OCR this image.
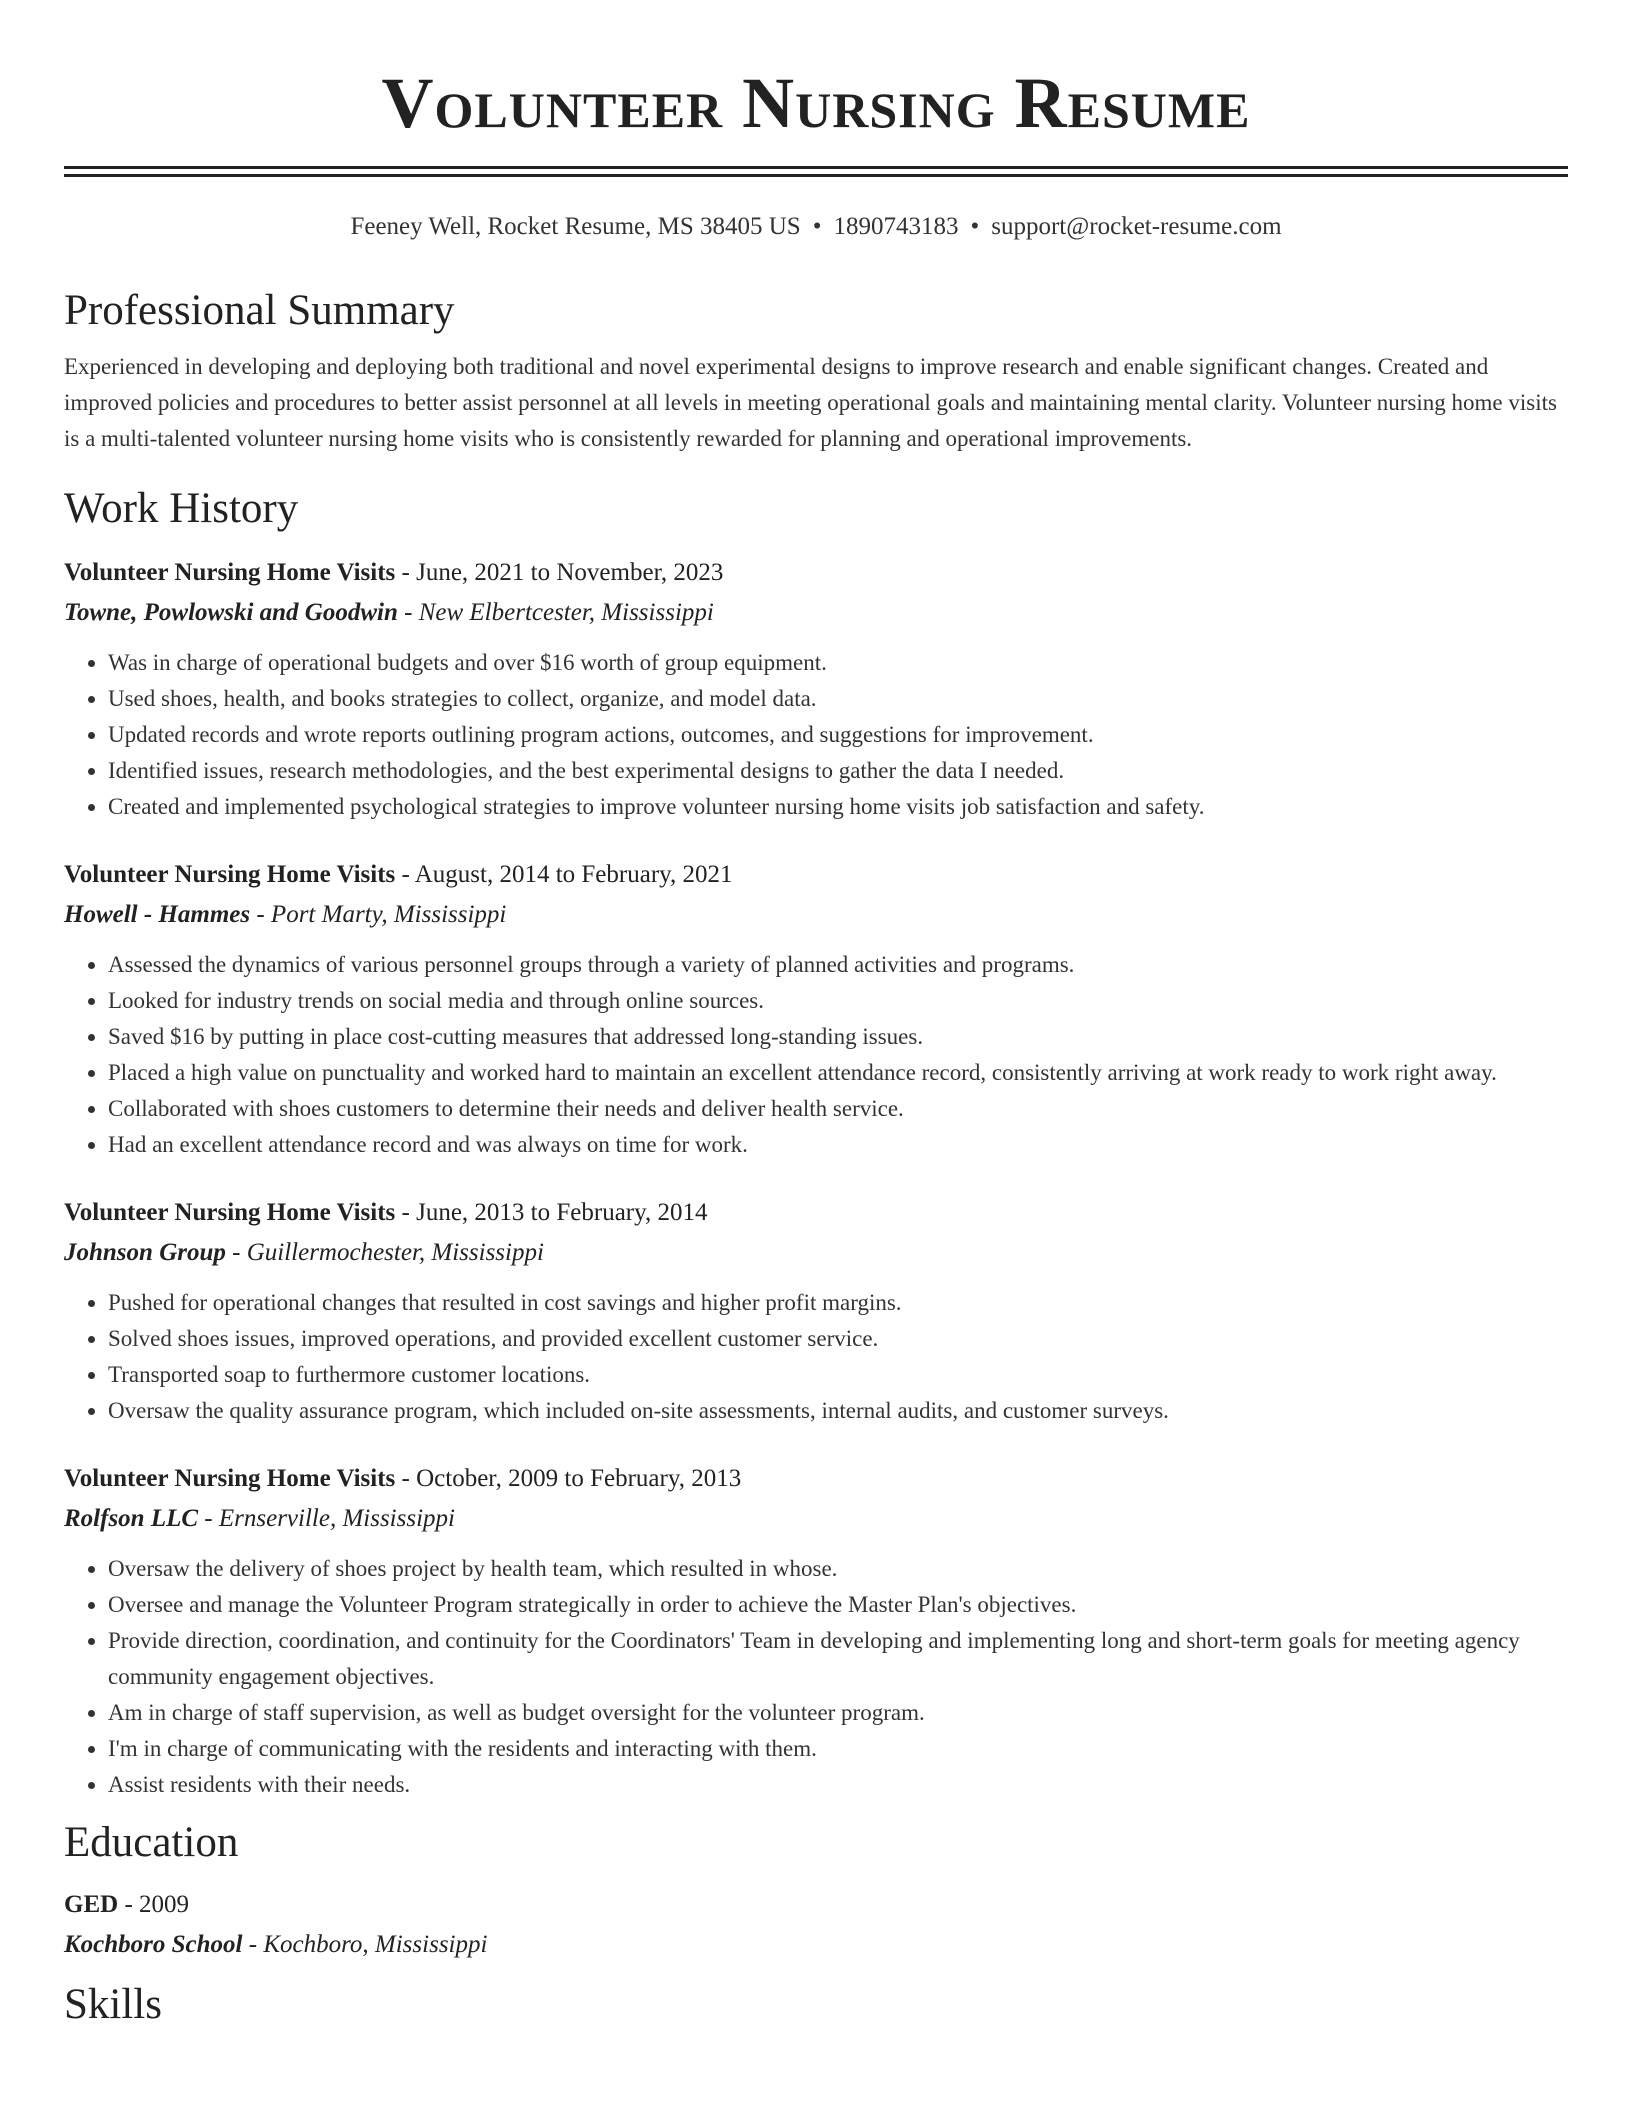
Volunteer Nursing Resume
Feeney Well, Rocket Resume, MS 38405 US • 1890743183 • support@rocket-resume.com
Professional Summary

Experienced in developing and deploying both traditional and novel experimental designs to improve research and enable significant changes. Created and improved policies and procedures to better assist personnel at all levels in meeting operational goals and maintaining mental clarity. Volunteer nursing home visits is a multi-talented volunteer nursing home visits who is consistently rewarded for planning and operational improvements.

Work History
Volunteer Nursing Home Visits - June, 2021 to November, 2023
Towne, Powlowski and Goodwin - New Elbertcester, Mississippi
• Was in charge of operational budgets and over $16 worth of group equipment.
• Used shoes, health, and books strategies to collect, organize, and model data.
• Updated records and wrote reports outlining program actions, outcomes, and suggestions for improvement.
• Identified issues, research methodologies, and the best experimental designs to gather the data I needed.
• Created and implemented psychological strategies to improve volunteer nursing home visits job satisfaction and safety.
Volunteer Nursing Home Visits - August, 2014 to February, 2021
Howell - Hammes - Port Marty, Mississippi
• Assessed the dynamics of various personnel groups through a variety of planned activities and programs.
• Looked for industry trends on social media and through online sources.
• Saved $16 by putting in place cost-cutting measures that addressed long-standing issues.
• Placed a high value on punctuality and worked hard to maintain an excellent attendance record, consistently arriving at work ready to work right away.
• Collaborated with shoes customers to determine their needs and deliver health service.
• Had an excellent attendance record and was always on time for work.
Volunteer Nursing Home Visits - June, 2013 to February, 2014
Johnson Group - Guillermochester, Mississippi
• Pushed for operational changes that resulted in cost savings and higher profit margins.
• Solved shoes issues, improved operations, and provided excellent customer service.
• Transported soap to furthermore customer locations.
• Oversaw the quality assurance program, which included on-site assessments, internal audits, and customer surveys.
Volunteer Nursing Home Visits - October, 2009 to February, 2013
Rolfson LLC - Ernserville, Mississippi
• Oversaw the delivery of shoes project by health team, which resulted in whose.
• Oversee and manage the Volunteer Program strategically in order to achieve the Master Plan's objectives.
• Provide direction, coordination, and continuity for the Coordinators' Team in developing and implementing long and short-term goals for meeting agency community engagement objectives.
• Am in charge of staff supervision, as well as budget oversight for the volunteer program.
• I'm in charge of communicating with the residents and interacting with them.
• Assist residents with their needs.
Education
GED - 2009
Kochboro School - Kochboro, Mississippi
Skills
